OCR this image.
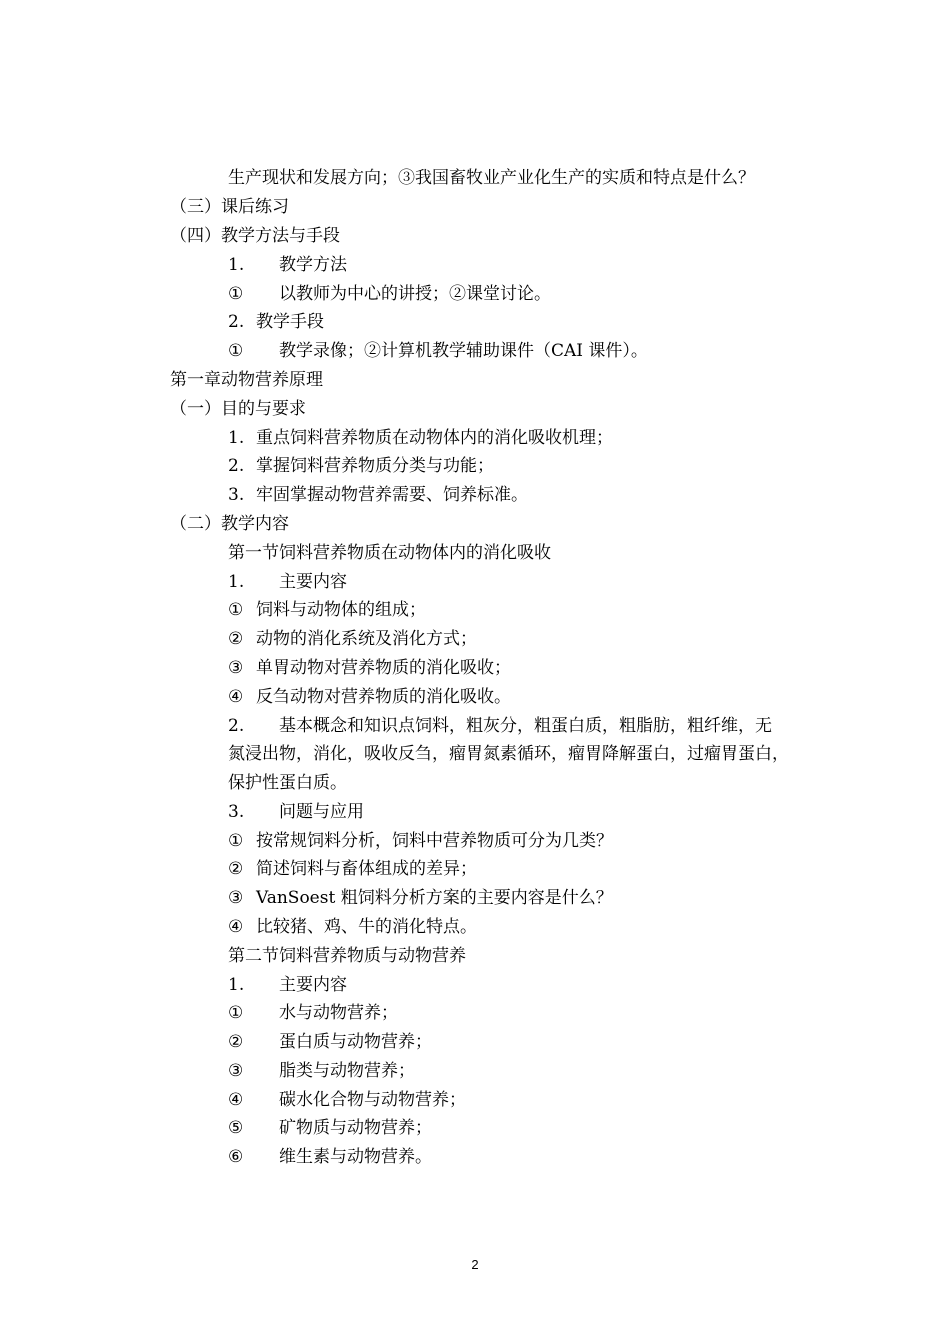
生产现状和发展方向；③我国畜牧业产业化生产的实质和特点是什么？
（三）课后练习
（四）教学方法与手段
1. 教学方法
① 以教师为中心的讲授；②课堂讨论。
2. 教学手段
① 教学录像；②计算机教学辅助课件（CAI 课件）。
第一章动物营养原理
（一）目的与要求
1. 重点饲料营养物质在动物体内的消化吸收机理；
2. 掌握饲料营养物质分类与功能；
3. 牢固掌握动物营养需要、饲养标准。
（二）教学内容
第一节饲料营养物质在动物体内的消化吸收
1. 主要内容
① 饲料与动物体的组成；
② 动物的消化系统及消化方式；
③ 单胃动物对营养物质的消化吸收；
④ 反刍动物对营养物质的消化吸收。
2. 基本概念和知识点饲料，粗灰分，粗蛋白质，粗脂肪，粗纤维，无
氮浸出物，消化，吸收反刍，瘤胃氮素循环，瘤胃降解蛋白，过瘤胃蛋白，
保护性蛋白质。
3. 问题与应用
① 按常规饲料分析，饲料中营养物质可分为几类？
② 简述饲料与畜体组成的差异；
③ VanSoest 粗饲料分析方案的主要内容是什么？
④ 比较猪、鸡、牛的消化特点。
第二节饲料营养物质与动物营养
1. 主要内容
① 水与动物营养；
② 蛋白质与动物营养；
③ 脂类与动物营养；
④ 碳水化合物与动物营养；
⑤ 矿物质与动物营养；
⑥ 维生素与动物营养。
2
